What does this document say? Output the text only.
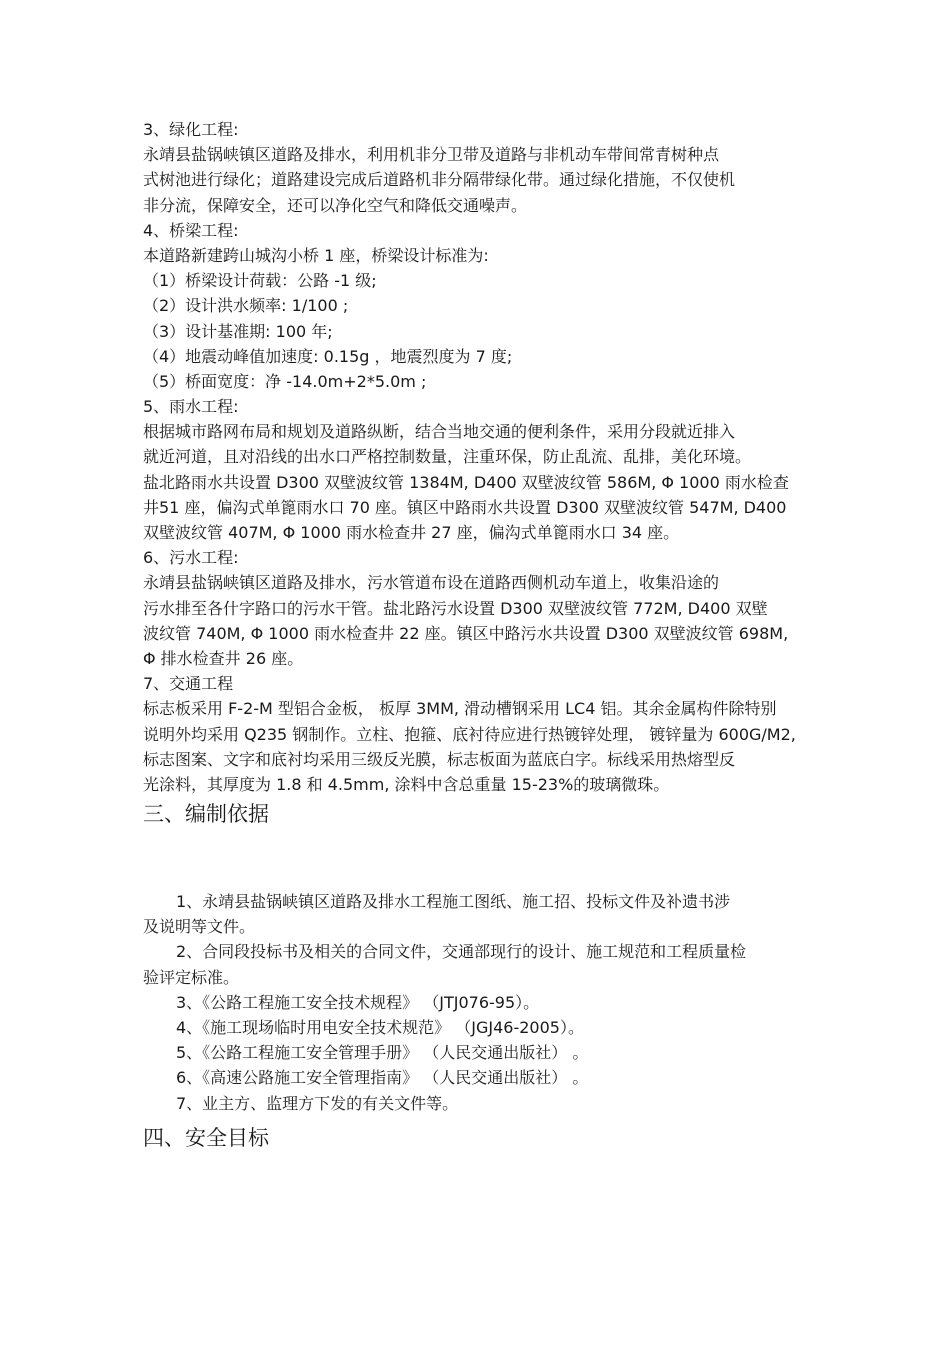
3、绿化工程:
永靖县盐锅峡镇区道路及排水，利用机非分卫带及道路与非机动车带间常青树种点
式树池进行绿化；道路建设完成后道路机非分隔带绿化带。通过绿化措施，不仅使机
非分流，保障安全，还可以净化空气和降低交通噪声。
4、桥梁工程:
本道路新建跨山城沟小桥 1 座，桥梁设计标准为:
（1）桥梁设计荷载：公路 -1 级;
（2）设计洪水频率: 1/100 ;
（3）设计基准期: 100 年;
（4）地震动峰值加速度: 0.15g ，地震烈度为 7 度;
（5）桥面宽度：净 -14.0m+2*5.0m ;
5、雨水工程:
根据城市路网布局和规划及道路纵断，结合当地交通的便利条件，采用分段就近排入
就近河道，且对沿线的出水口严格控制数量，注重环保，防止乱流、乱排，美化环境。
盐北路雨水共设置 D300 双壁波纹管 1384M, D400 双壁波纹管 586M, Φ 1000 雨水检查
井51 座，偏沟式单篦雨水口 70 座。镇区中路雨水共设置 D300 双壁波纹管 547M, D400
双壁波纹管 407M, Φ 1000 雨水检查井 27 座，偏沟式单篦雨水口 34 座。
6、污水工程:
永靖县盐锅峡镇区道路及排水，污水管道布设在道路西侧机动车道上，收集沿途的
污水排至各什字路口的污水干管。盐北路污水设置 D300 双壁波纹管 772M, D400 双壁
波纹管 740M, Φ 1000 雨水检查井 22 座。镇区中路污水共设置 D300 双壁波纹管 698M,
Φ 排水检查井 26 座。
7、交通工程
标志板采用 F-2-M 型铝合金板， 板厚 3MM, 滑动槽钢采用 LC4 铝。其余金属构件除特别
说明外均采用 Q235 钢制作。立柱、抱箍、底衬待应进行热镀锌处理， 镀锌量为 600G/M2,
标志图案、文字和底衬均采用三级反光膜，标志板面为蓝底白字。标线采用热熔型反
光涂料，其厚度为 1.8 和 4.5mm, 涂料中含总重量 15-23%的玻璃微珠。
三、编制依据
1、永靖县盐锅峡镇区道路及排水工程施工图纸、施工招、投标文件及补遗书涉
及说明等文件。
2、合同段投标书及相关的合同文件，交通部现行的设计、施工规范和工程质量检
验评定标准。
3、《公路工程施工安全技术规程》 （JTJ076-95）。
4、《施工现场临时用电安全技术规范》 （JGJ46-2005）。
5、《公路工程施工安全管理手册》 （人民交通出版社） 。
6、《高速公路施工安全管理指南》 （人民交通出版社） 。
7、业主方、监理方下发的有关文件等。
四、安全目标
